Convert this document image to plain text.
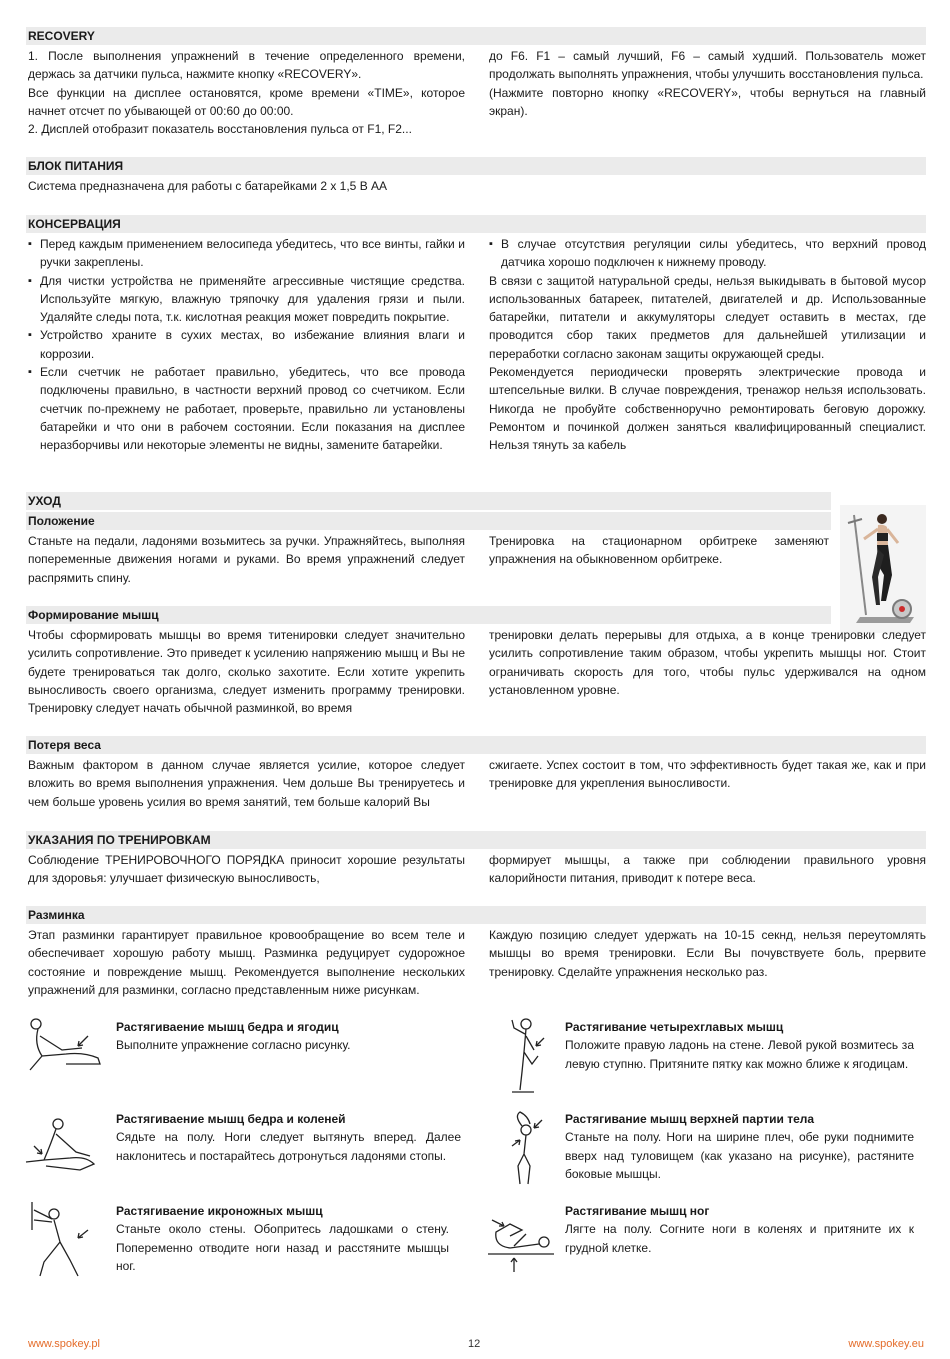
RECOVERY

1. После выполнения упражнений в течение определенного времени, держась за датчики пульса, нажмите кнопку «RECOVERY».

Все функции на дисплее остановятся, кроме времени «TIME», которое начнет отсчет по убывающей от 00:60 до 00:00.

2. Дисплей отобразит показатель восстановления пульса от F1, F2...

до F6. F1 – самый лучший, F6 – самый худший. Пользователь может продолжать выполнять упражнения, чтобы улучшить восстановления пульса.

(Нажмите повторно кнопку «RECOVERY», чтобы вернуться на главный экран).

БЛОК ПИТАНИЯ
Система предназначена для работы с батарейками 2 x 1,5 В АА
КОНСЕРВАЦИЯ
▪ Перед каждым применением велосипеда убедитесь, что все винты, гайки и ручки закреплены.
▪ Для чистки устройства не применяйте агрессивные чистящие средства. Используйте мягкую, влажную тряпочку для удаления грязи и пыли. Удаляйте следы пота, т.к. кислотная реакция может повредить покрытие.
▪ Устройство храните в сухих местах, во избежание влияния влаги и коррозии.
▪ Если счетчик не работает правильно, убедитесь, что все провода подключены правильно, в частности верхний провод со счетчиком. Если счетчик по-прежнему не работает, проверьте, правильно ли установлены батарейки и что они в рабочем состоянии. Если показания на дисплее неразборчивы или некоторые элементы не видны, замените батарейки.
▪ В случае отсутствия регуляции силы убедитесь, что верхний провод датчика хорошо подключен к нижнему проводу.

В связи с защитой натуральной среды, нельзя выкидывать в бытовой мусор использованных батареек, питателей, двигателей и др. Использованные батарейки, питатели и аккумуляторы следует оставить в местах, где проводится сбор таких предметов для дальнейшей утилизации и переработки согласно законам защиты окружающей среды.

Рекомендуется периодически проверять электрические провода и штепсельные вилки. В случае повреждения, тренажор нельзя использовать. Никогда не пробуйте собственноручно ремонтировать беговую дорожку. Ремонтом и починкой должен заняться квалифицированный специалист. Нельзя тянуть за кабель

УХОД
Положение
Станьте на педали, ладонями возьмитесь за ручки. Упражняйтесь, выполняя попеременные движения ногами и руками. Во время упражнений следует распрямить спину.
Тренировка на стационарном орбитреке заменяют упражнения на обыкновенном орбитреке.
Формирование мышц
Чтобы сформировать мышцы во время титенировки следует значительно усилить сопротивление. Это приведет к усилению напряжению мышц и Вы не будете тренироваться так долго, сколько захотите. Если хотите укрепить выносливость своего организма, следует изменить программу тренировки. Тренировку следует начать обычной разминкой, во время
тренировки делать перерывы для отдыха, а в конце тренировки следует усилить сопротивление таким образом, чтобы укрепить мышцы ног. Стоит ограничивать скорость для того, чтобы пульс удерживался на одном установленном уровне.
Потеря веса
Важным фактором в данном случае является усилие, которое следует вложить во время выполнения упражнения. Чем дольше Вы тренируетесь и чем больше уровень усилия во время занятий, тем больше калорий Вы
сжигаете. Успех состоит в том, что эффективность будет такая же, как и при тренировке для укрепления выносливости.
УКАЗАНИЯ ПО ТРЕНИРОВКАМ
Соблюдение ТРЕНИРОВОЧНОГО ПОРЯДКА приносит хорошие результаты для здоровья: улучшает физическую выносливость,
формирует мышцы, а также при соблюдении правильного уровня калорийности питания, приводит к потере веса.
Разминка
Этап разминки гарантирует правильное кровообращение во всем теле и обеспечивает хорошую работу мышц. Разминка редуцирует судорожное состояние и повреждение мышц. Рекомендуется выполнение нескольких упражнений для разминки, согласно представленным ниже рисункам.
Каждую позицию следует удержать на 10-15 секнд, нельзя переутомлять мышцы во время тренировки. Если Вы почувствуете боль, прервите тренировку. Сделайте упражнения несколько раз.

Растягиваение мышц бедра и ягодиц

Выполните упражнение согласно рисунку.

Растягивание четырехглавых мышц

Положите правую ладонь на стене. Левой рукой возмитесь за левую ступню. Притяните пятку как можно ближе к ягодицам.

Растягиваение мышц бедра и коленей

Сядьте на полу. Ноги следует вытянуть вперед. Далее наклонитесь и постарайтесь дотронуться ладонями стопы.

Растягивание мышц верхней партии тела

Станьте на полу. Ноги на ширине плеч, обе руки поднимите вверх над туловищем (как указано на рисунке), растяните боковые мышцы.

Растягиваение икроножных мышц

Станьте около стены. Обопритесь ладошками о стену. Попеременно отводите ноги назад и расстяните мышцы ног.

Растягивание мышц ног

Лягте на полу. Согните ноги в коленях и притяните их к грудной клетке.

www.spokey.pl	12	www.spokey.eu
